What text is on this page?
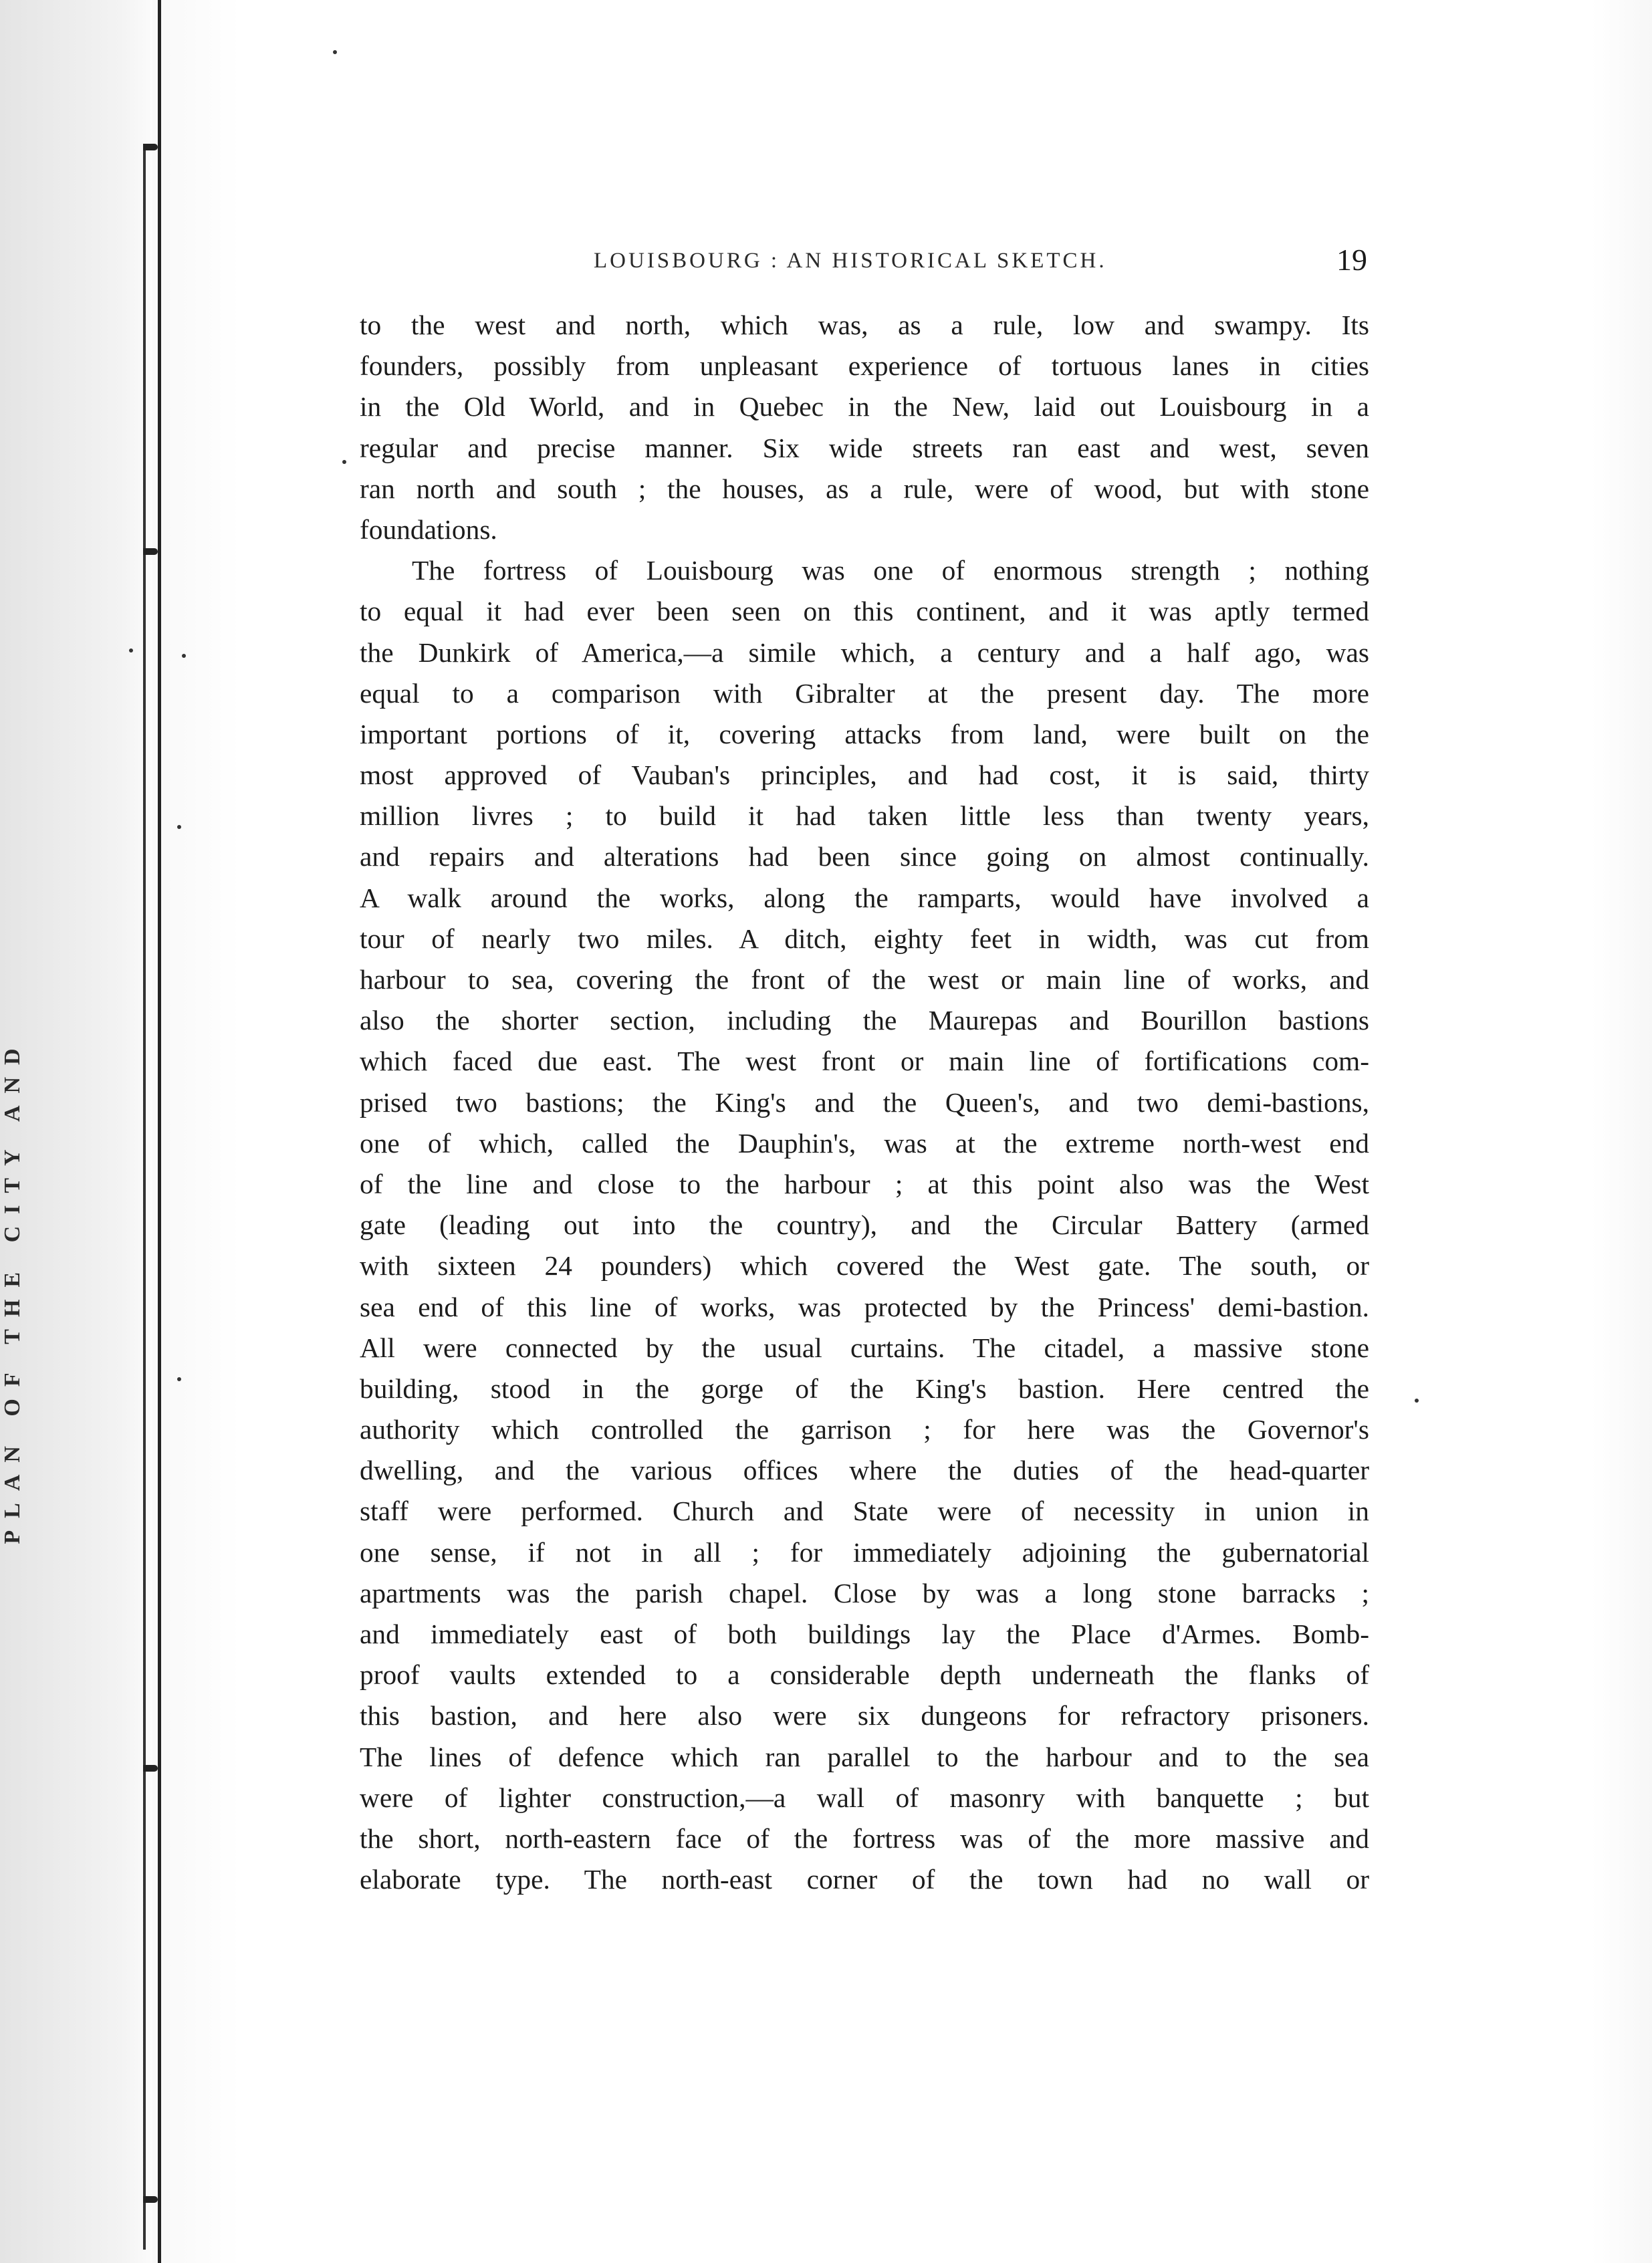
PLAN OF THE CITY AND
LOUISBOURG : AN HISTORICAL SKETCH.	19
to the west and north, which was, as a rule, low and swampy. Its
founders, possibly from unpleasant experience of tortuous lanes in cities
in the Old World, and in Quebec in the New, laid out Louisbourg in a
regular and precise manner. Six wide streets ran east and west, seven
ran north and south ; the houses, as a rule, were of wood, but with stone
foundations.
The fortress of Louisbourg was one of enormous strength ; nothing
to equal it had ever been seen on this continent, and it was aptly termed
the Dunkirk of America,—a simile which, a century and a half ago, was
equal to a comparison with Gibralter at the present day. The more
important portions of it, covering attacks from land, were built on the
most approved of Vauban's principles, and had cost, it is said, thirty
million livres ; to build it had taken little less than twenty years,
and repairs and alterations had been since going on almost continually.
A walk around the works, along the ramparts, would have involved a
tour of nearly two miles. A ditch, eighty feet in width, was cut from
harbour to sea, covering the front of the west or main line of works, and
also the shorter section, including the Maurepas and Bourillon bastions
which faced due east. The west front or main line of fortifications com-
prised two bastions; the King's and the Queen's, and two demi-bastions,
one of which, called the Dauphin's, was at the extreme north-west end
of the line and close to the harbour ; at this point also was the West
gate (leading out into the country), and the Circular Battery (armed
with sixteen 24 pounders) which covered the West gate. The south, or
sea end of this line of works, was protected by the Princess' demi-bastion.
All were connected by the usual curtains. The citadel, a massive stone
building, stood in the gorge of the King's bastion. Here centred the
authority which controlled the garrison ; for here was the Governor's
dwelling, and the various offices where the duties of the head-quarter
staff were performed. Church and State were of necessity in union in
one sense, if not in all ; for immediately adjoining the gubernatorial
apartments was the parish chapel. Close by was a long stone barracks ;
and immediately east of both buildings lay the Place d'Armes. Bomb-
proof vaults extended to a considerable depth underneath the flanks of
this bastion, and here also were six dungeons for refractory prisoners.
The lines of defence which ran parallel to the harbour and to the sea
were of lighter construction,—a wall of masonry with banquette ; but
the short, north-eastern face of the fortress was of the more massive and
elaborate type. The north-east corner of the town had no wall or
